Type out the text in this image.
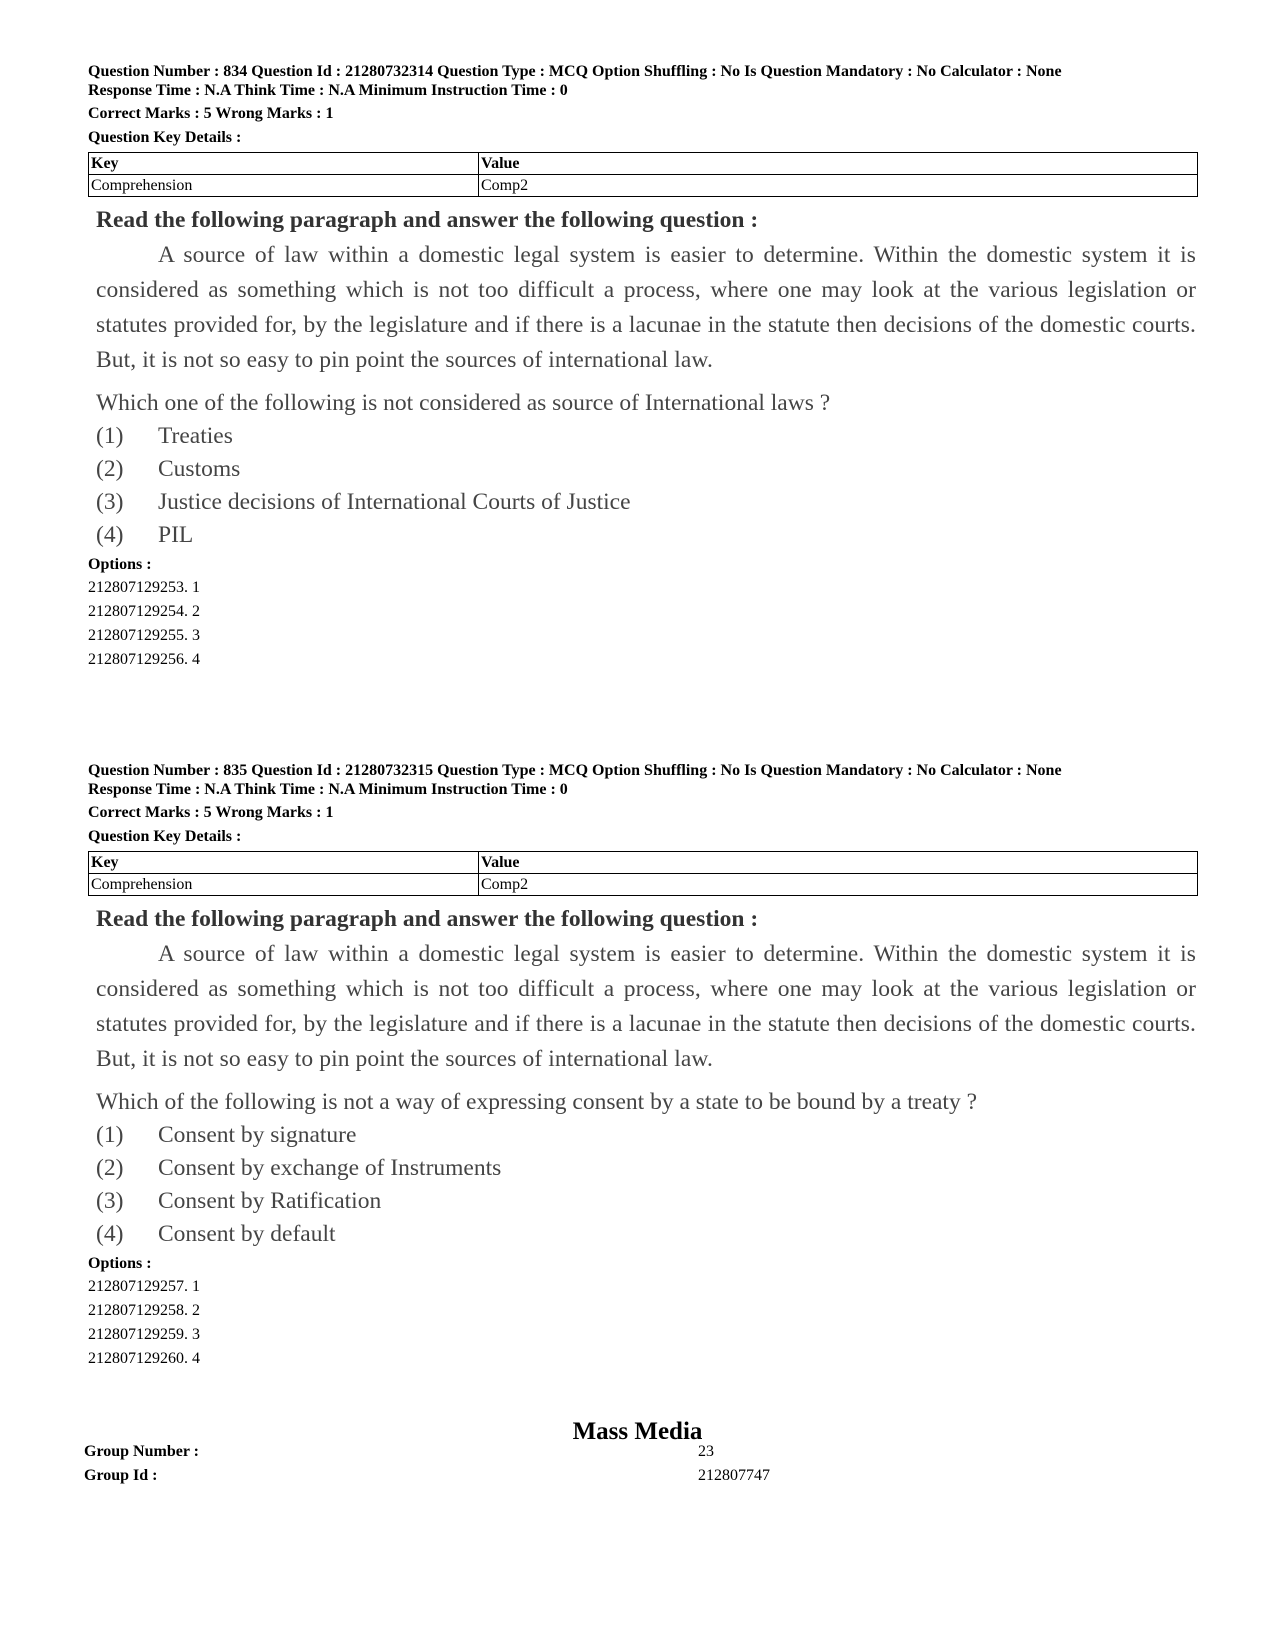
Question Number : 834 Question Id : 21280732314 Question Type : MCQ Option Shuffling : No Is Question Mandatory : No Calculator : None
Response Time : N.A Think Time : N.A Minimum Instruction Time : 0
Correct Marks : 5 Wrong Marks : 1
Question Key Details :
Key	Value
Comprehension	Comp2
Read the following paragraph and answer the following question :
A source of law within a domestic legal system is easier to determine. Within the domestic system it is considered as something which is not too difficult a process, where one may look at the various legislation or statutes provided for, by the legislature and if there is a lacunae in the statute then decisions of the domestic courts. But, it is not so easy to pin point the sources of international law.
Which one of the following is not considered as source of International laws ?
(1)	Treaties
(2)	Customs
(3)	Justice decisions of International Courts of Justice
(4)	PIL
Options :
212807129253. 1
212807129254. 2
212807129255. 3
212807129256. 4
Question Number : 835 Question Id : 21280732315 Question Type : MCQ Option Shuffling : No Is Question Mandatory : No Calculator : None
Response Time : N.A Think Time : N.A Minimum Instruction Time : 0
Correct Marks : 5 Wrong Marks : 1
Question Key Details :
Key	Value
Comprehension	Comp2
Read the following paragraph and answer the following question :
A source of law within a domestic legal system is easier to determine. Within the domestic system it is considered as something which is not too difficult a process, where one may look at the various legislation or statutes provided for, by the legislature and if there is a lacunae in the statute then decisions of the domestic courts. But, it is not so easy to pin point the sources of international law.
Which of the following is not a way of expressing consent by a state to be bound by a treaty ?
(1)	Consent by signature
(2)	Consent by exchange of Instruments
(3)	Consent by Ratification
(4)	Consent by default
Options :
212807129257. 1
212807129258. 2
212807129259. 3
212807129260. 4
Mass Media
Group Number :	23
Group Id :	212807747
